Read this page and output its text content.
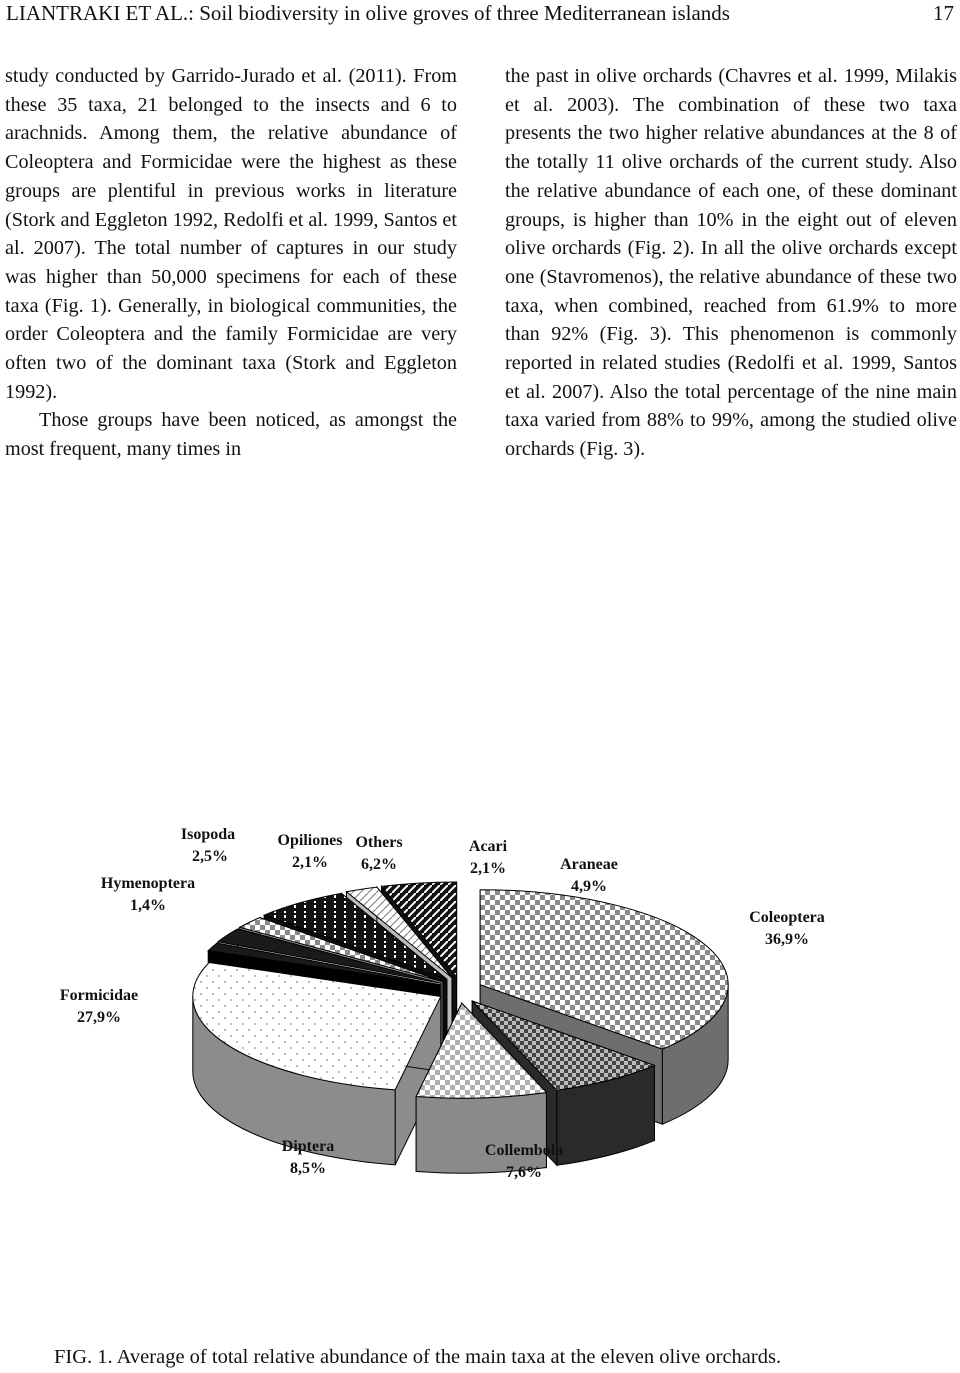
LIANTRAKI ET AL.: Soil biodiversity in olive groves of three Mediterranean islands	17

study conducted by Garrido-Jurado et al. (2011). From these 35 taxa, 21 belonged to the insects and 6 to arachnids. Among them, the relative abundance of Coleoptera and Formicidae were the highest as these groups are plentiful in previous works in literature (Stork and Eggleton 1992, Redolfi et al. 1999, Santos et al. 2007). The total number of captures in our study was higher than 50,000 specimens for each of these taxa (Fig. 1). Generally, in biological communities, the order Coleoptera and the family Formicidae are very often two of the dominant taxa (Stork and Eggleton 1992).

Those groups have been noticed, as amongst the most frequent, many times in

the past in olive orchards (Chavres et al. 1999, Milakis et al. 2003). The combination of these two taxa presents the two higher relative abundances at the 8 of the totally 11 olive orchards of the current study. Also the relative abundance of each one, of these dominant groups, is higher than 10% in the eight out of eleven olive orchards (Fig. 2). In all the olive orchards except one (Stavromenos), the relative abundance of these two taxa, when combined, reached from 61.9% to more than 92% (Fig. 3). This phenomenon is commonly reported in related studies (Redolfi et al. 1999, Santos et al. 2007). Also the total percentage of the nine main taxa varied from 88% to 99%, among the studied olive orchards (Fig. 3).

Coleoptera 36,9%
Collembola 7,6%
Diptera 8,5%
Formicidae 27,9%
Hymenoptera 1,4%
Isopoda 2,5%
Opiliones 2,1%
Others 6,2%
Acari 2,1%	Araneae 4,9%
FIG. 1. Average of total relative abundance of the main taxa at the eleven olive orchards.
